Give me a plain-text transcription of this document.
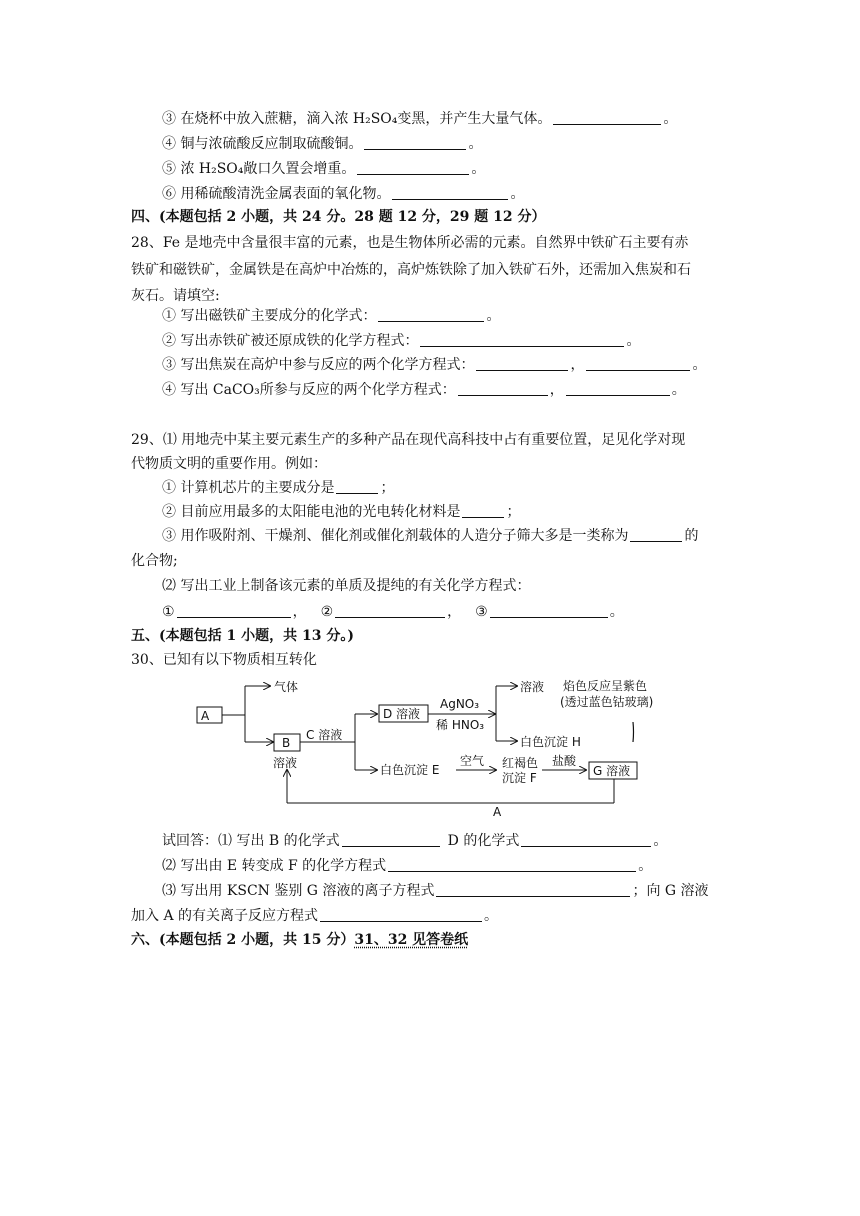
③ 在烧杯中放入蔗糖，滴入浓 H₂SO₄变黑，并产生大量气体。	。
④ 铜与浓硫酸反应制取硫酸铜。	。
⑤ 浓 H₂SO₄敞口久置会增重。	。
⑥ 用稀硫酸清洗金属表面的氧化物。	。
四、(本题包括 2 小题，共 24 分。28 题 12 分，29 题 12 分）
28、Fe 是地壳中含量很丰富的元素，也是生物体所必需的元素。自然界中铁矿石主要有赤
铁矿和磁铁矿，金属铁是在高炉中冶炼的，高炉炼铁除了加入铁矿石外，还需加入焦炭和石
灰石。请填空:
① 写出磁铁矿主要成分的化学式：	。
② 写出赤铁矿被还原成铁的化学方程式：	。
③ 写出焦炭在高炉中参与反应的两个化学方程式：	，	。
④ 写出 CaCO₃所参与反应的两个化学方程式：	，	。
29、⑴ 用地壳中某主要元素生产的多种产品在现代高科技中占有重要位置，足见化学对现
代物质文明的重要作用。例如：
① 计算机芯片的主要成分是	；
② 目前应用最多的太阳能电池的光电转化材料是	；
③ 用作吸附剂、干燥剂、催化剂或催化剂载体的人造分子筛大多是一类称为	的
化合物;
⑵ 写出工业上制备该元素的单质及提纯的有关化学方程式：
①	， ②	， ③	。
五、(本题包括 1 小题，共 13 分。)
30、已知有以下物质相互转化
A
气体
B
溶液
C 溶液
D 溶液
AgNO₃
稀 HNO₃
溶液 焰色反应呈紫色
(透过蓝色钴玻璃)
白色沉淀 H
白色沉淀 E
空气 红褐色
沉淀 F
盐酸
G 溶液
A
试回答：⑴ 写出 B 的化学式	D 的化学式	。
⑵ 写出由 E 转变成 F 的化学方程式	。
⑶ 写出用 KSCN 鉴别 G 溶液的离子方程式	；向 G 溶液
加入 A 的有关离子反应方程式	。
六、(本题包括 2 小题，共 15 分）31、32 见答卷纸
